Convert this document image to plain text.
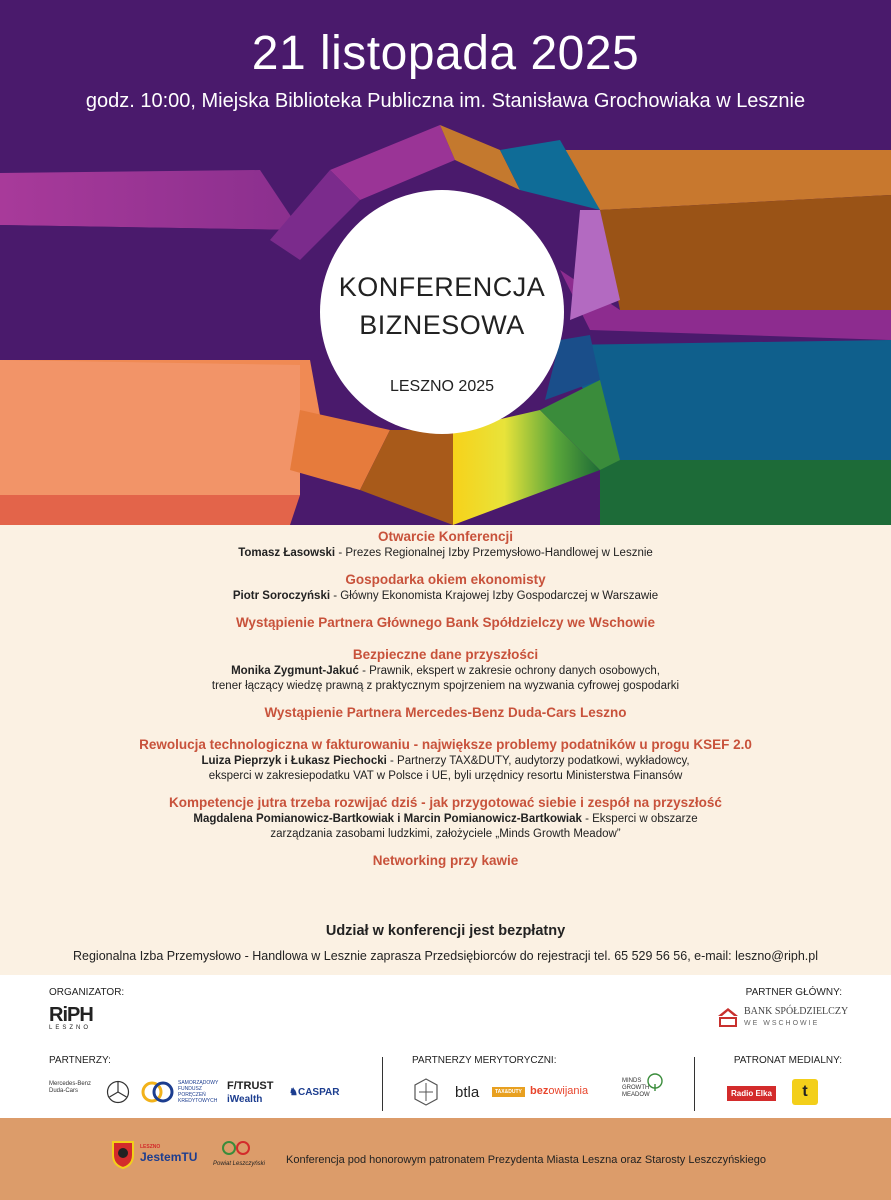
21 listopada 2025
godz. 10:00, Miejska Biblioteka Publiczna im. Stanisława Grochowiaka w Lesznie
KONFERENCJA
BIZNESOWA
LESZNO 2025
Otwarcie Konferencji
Tomasz Łasowski - Prezes Regionalnej Izby Przemysłowo-Handlowej w Lesznie
Gospodarka okiem ekonomisty
Piotr Soroczyński - Główny Ekonomista Krajowej Izby Gospodarczej w Warszawie
Wystąpienie Partnera Głównego Bank Spółdzielczy we Wschowie
Bezpieczne dane przyszłości
Monika Zygmunt-Jakuć - Prawnik, ekspert w zakresie ochrony danych osobowych,
trener łączący wiedzę prawną z praktycznym spojrzeniem na wyzwania cyfrowej gospodarki
Wystąpienie Partnera Mercedes-Benz Duda-Cars Leszno
Rewolucja technologiczna w fakturowaniu - największe problemy podatników u progu KSEF 2.0
Luiza Pieprzyk i Łukasz Piechocki - Partnerzy TAX&DUTY, audytorzy podatkowi, wykładowcy,
eksperci w zakresiepodatku VAT w Polsce i UE, byli urzędnicy resortu Ministerstwa Finansów
Kompetencje jutra trzeba rozwijać dziś - jak przygotować siebie i zespół na przyszłość
Magdalena Pomianowicz-Bartkowiak i Marcin Pomianowicz-Bartkowiak - Eksperci w obszarze
zarządzania zasobami ludzkimi, założyciele „Minds Growth Meadow”
Networking przy kawie
Udział w konferencji jest bezpłatny
Regionalna Izba Przemysłowo - Handlowa w Lesznie zaprasza Przedsiębiorców do rejestracji tel. 65 529 56 56, e-mail: leszno@riph.pl
ORGANIZATOR:
RiPH
LESZNO
PARTNER GŁÓWNY:
BANK SPÓŁDZIELCZY
WE WSCHOWIE
PARTNERZY:
Mercedes-Benz Duda-Cars
SAMORZĄDOWY FUNDUSZ PORĘCZEŃ KREDYTOWYCH
F/TRUST
iWealth
♞CASPAR
PARTNERZY MERYTORYCZNI:
btla	TAX&DUTY bezowijania
MINDS GROWTH MEADOW
PATRONAT MEDIALNY:
Radio Elka	t
LESZNO
JestemTU	Powiat Leszczyński Konferencja pod honorowym patronatem Prezydenta Miasta Leszna oraz Starosty Leszczyńskiego
